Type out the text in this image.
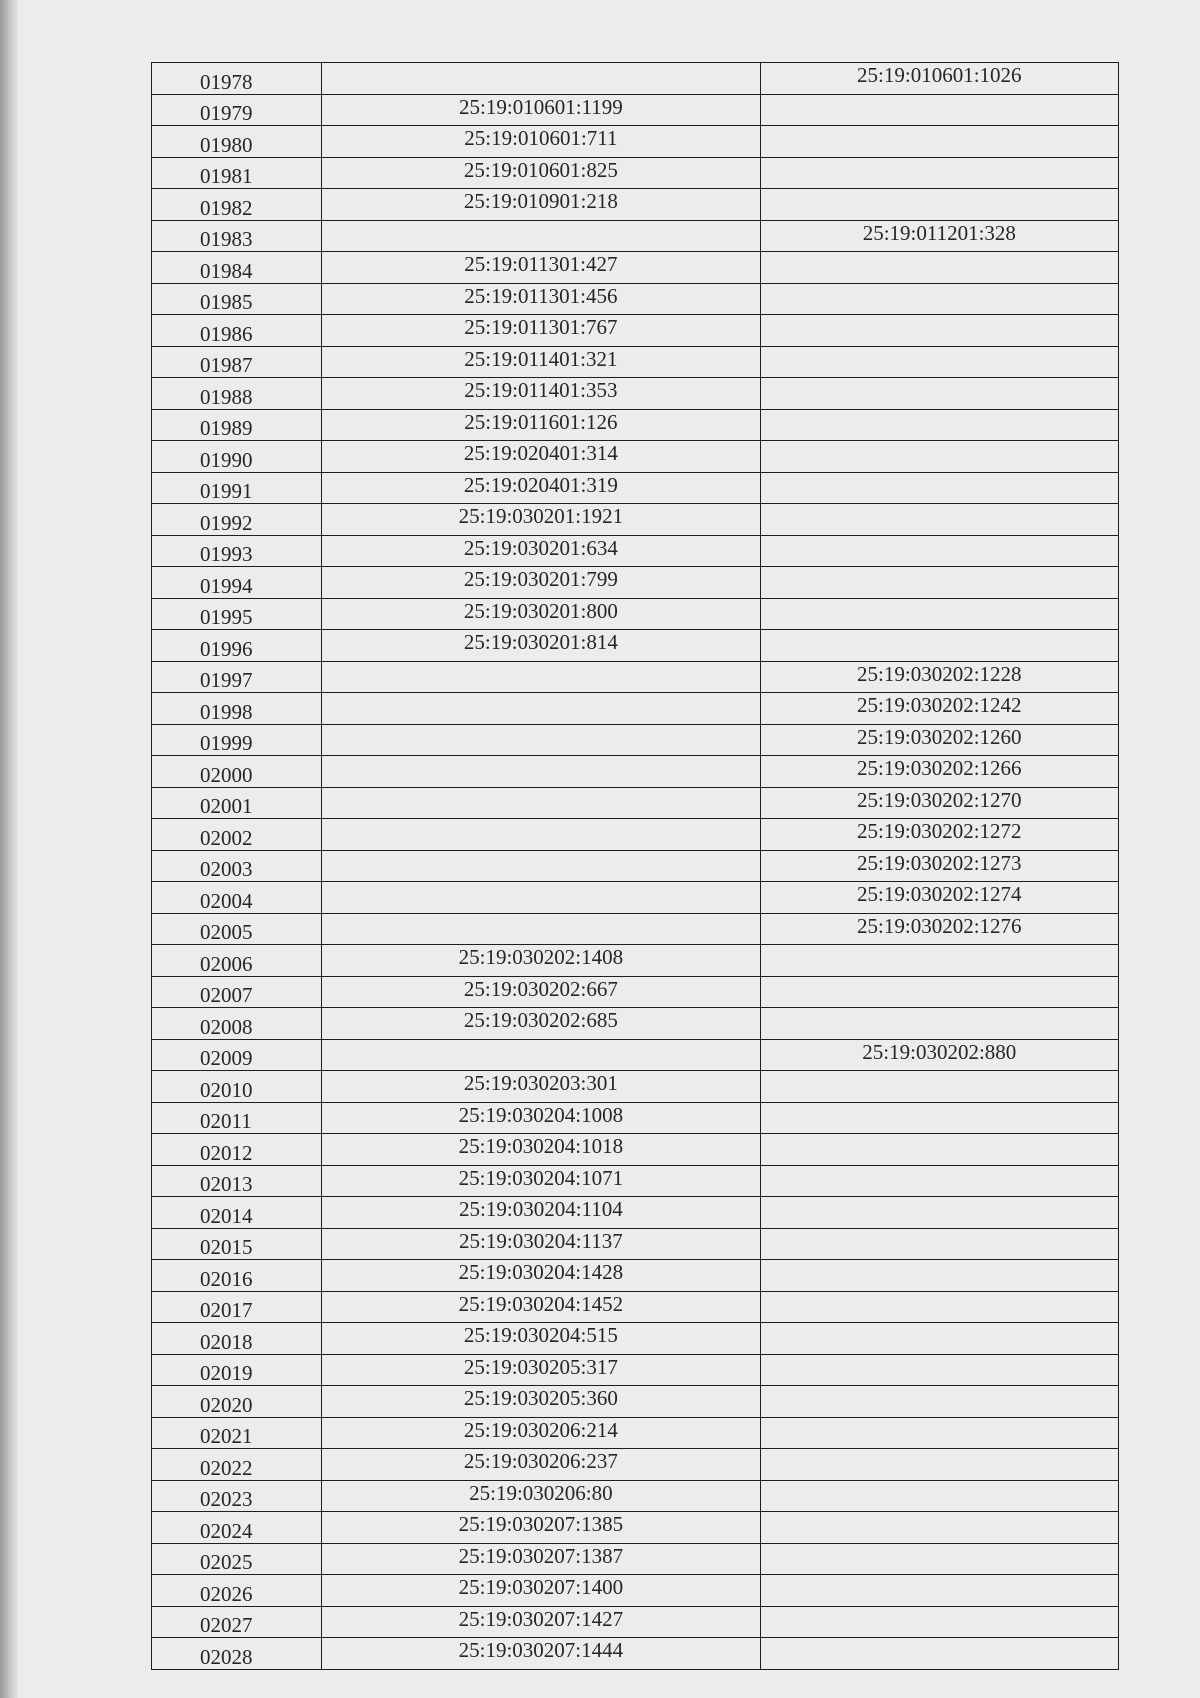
01978		25:19:010601:1026
01979	25:19:010601:1199	
01980	25:19:010601:711	
01981	25:19:010601:825	
01982	25:19:010901:218	
01983		25:19:011201:328
01984	25:19:011301:427	
01985	25:19:011301:456	
01986	25:19:011301:767	
01987	25:19:011401:321	
01988	25:19:011401:353	
01989	25:19:011601:126	
01990	25:19:020401:314	
01991	25:19:020401:319	
01992	25:19:030201:1921	
01993	25:19:030201:634	
01994	25:19:030201:799	
01995	25:19:030201:800	
01996	25:19:030201:814	
01997		25:19:030202:1228
01998		25:19:030202:1242
01999		25:19:030202:1260
02000		25:19:030202:1266
02001		25:19:030202:1270
02002		25:19:030202:1272
02003		25:19:030202:1273
02004		25:19:030202:1274
02005		25:19:030202:1276
02006	25:19:030202:1408	
02007	25:19:030202:667	
02008	25:19:030202:685	
02009		25:19:030202:880
02010	25:19:030203:301	
02011	25:19:030204:1008	
02012	25:19:030204:1018	
02013	25:19:030204:1071	
02014	25:19:030204:1104	
02015	25:19:030204:1137	
02016	25:19:030204:1428	
02017	25:19:030204:1452	
02018	25:19:030204:515	
02019	25:19:030205:317	
02020	25:19:030205:360	
02021	25:19:030206:214	
02022	25:19:030206:237	
02023	25:19:030206:80	
02024	25:19:030207:1385	
02025	25:19:030207:1387	
02026	25:19:030207:1400	
02027	25:19:030207:1427	
02028	25:19:030207:1444	
